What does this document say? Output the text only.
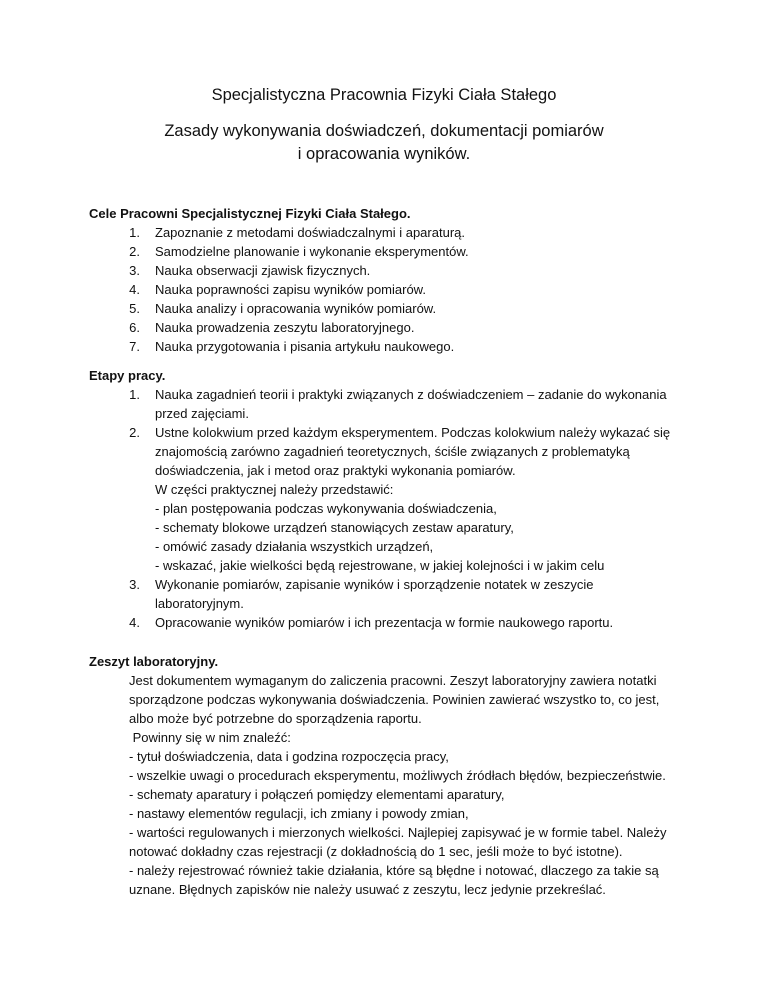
Specjalistyczna Pracownia Fizyki Ciała Stałego
Zasady wykonywania doświadczeń, dokumentacji pomiarów
i opracowania wyników.
Cele Pracowni Specjalistycznej Fizyki Ciała Stałego.
1. Zapoznanie z metodami doświadczalnymi i aparaturą.
2. Samodzielne planowanie i wykonanie eksperymentów.
3. Nauka obserwacji zjawisk fizycznych.
4. Nauka poprawności zapisu wyników pomiarów.
5. Nauka analizy i opracowania wyników pomiarów.
6. Nauka prowadzenia zeszytu laboratoryjnego.
7. Nauka przygotowania i pisania artykułu naukowego.
Etapy pracy.
1. Nauka zagadnień teorii i praktyki związanych z doświadczeniem – zadanie do wykonania
przed zajęciami.
2. Ustne kolokwium przed każdym eksperymentem. Podczas kolokwium należy wykazać się
znajomością zarówno zagadnień teoretycznych, ściśle związanych z problematyką
doświadczenia, jak i metod oraz praktyki wykonania pomiarów.
W części praktycznej należy przedstawić:
- plan postępowania podczas wykonywania doświadczenia,
- schematy blokowe urządzeń stanowiących zestaw aparatury,
- omówić zasady działania wszystkich urządzeń,
- wskazać, jakie wielkości będą rejestrowane, w jakiej kolejności i w jakim celu
3. Wykonanie pomiarów, zapisanie wyników i sporządzenie notatek w zeszycie
laboratoryjnym.
4. Opracowanie wyników pomiarów i ich prezentacja w formie naukowego raportu.
Zeszyt laboratoryjny.
Jest dokumentem wymaganym do zaliczenia pracowni. Zeszyt laboratoryjny zawiera notatki
sporządzone podczas wykonywania doświadczenia. Powinien zawierać wszystko to, co jest,
albo może być potrzebne do sporządzenia raportu.
Powinny się w nim znaleźć:
- tytuł doświadczenia, data i godzina rozpoczęcia pracy,
- wszelkie uwagi o procedurach eksperymentu, możliwych źródłach błędów, bezpieczeństwie.
- schematy aparatury i połączeń pomiędzy elementami aparatury,
- nastawy elementów regulacji, ich zmiany i powody zmian,
- wartości regulowanych i mierzonych wielkości. Najlepiej zapisywać je w formie tabel. Należy
notować dokładny czas rejestracji (z dokładnością do 1 sec, jeśli może to być istotne).
- należy rejestrować również takie działania, które są błędne i notować, dlaczego za takie są
uznane. Błędnych zapisków nie należy usuwać z zeszytu, lecz jedynie przekreślać.
